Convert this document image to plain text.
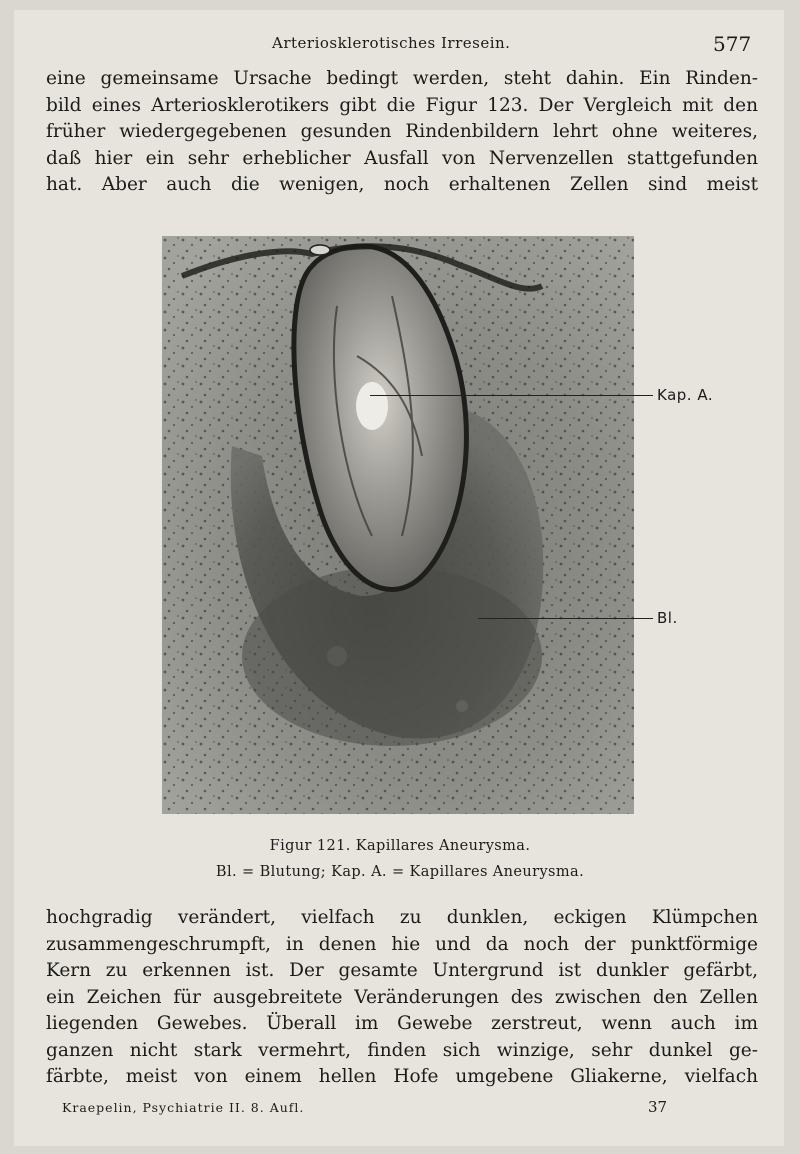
Arteriosklerotisches Irresein.	577
eine gemeinsame Ursache bedingt werden, steht dahin. Ein Rinden-
bild eines Arteriosklerotikers gibt die Figur 123. Der Vergleich mit den
früher wiedergegebenen gesunden Rindenbildern lehrt ohne weiteres,
daß hier ein sehr erheblicher Ausfall von Nervenzellen stattgefunden
hat. Aber auch die wenigen, noch erhaltenen Zellen sind meist
Kap. A.
Bl.
Figur 121. Kapillares Aneurysma.
Bl. = Blutung; Kap. A. = Kapillares Aneurysma.
hochgradig verändert, vielfach zu dunklen, eckigen Klümpchen
zusammengeschrumpft, in denen hie und da noch der punktförmige
Kern zu erkennen ist. Der gesamte Untergrund ist dunkler gefärbt,
ein Zeichen für ausgebreitete Veränderungen des zwischen den Zellen
liegenden Gewebes. Überall im Gewebe zerstreut, wenn auch im
ganzen nicht stark vermehrt, finden sich winzige, sehr dunkel ge-
färbte, meist von einem hellen Hofe umgebene Gliakerne, vielfach
Kraepelin, Psychiatrie II. 8. Aufl.	37
